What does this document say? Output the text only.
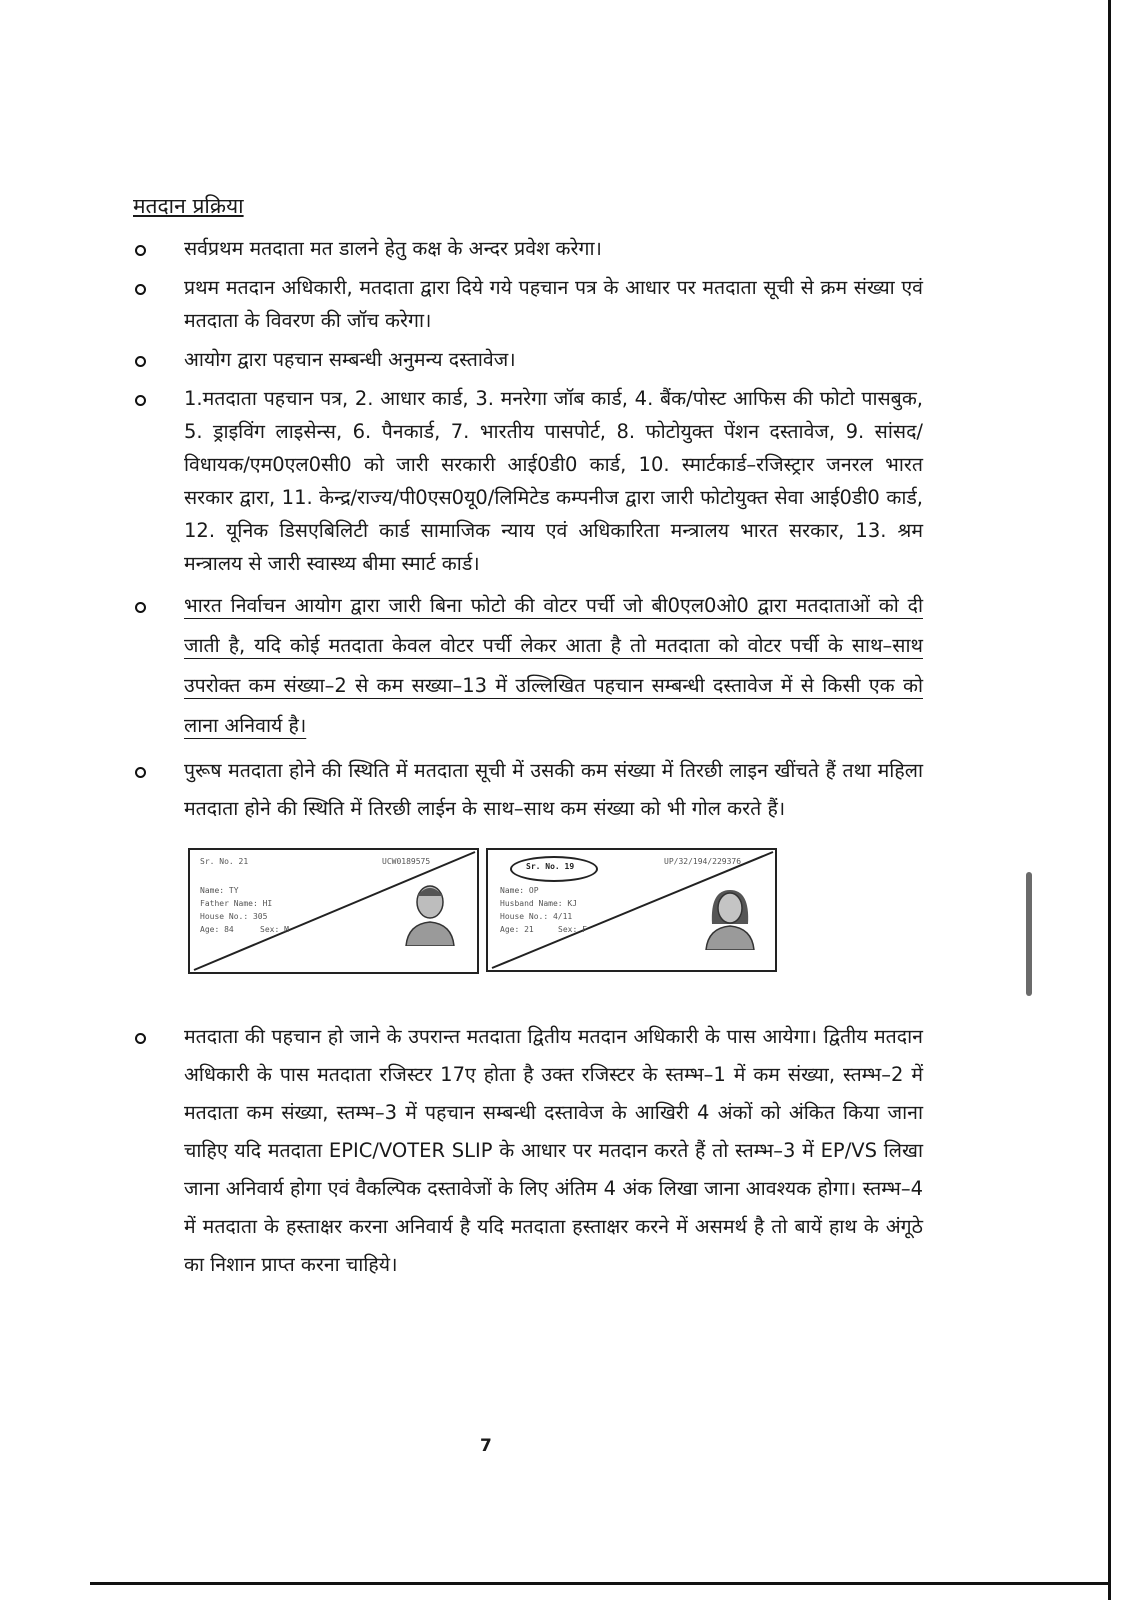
मतदान प्रक्रिया
सर्वप्रथम मतदाता मत डालने हेतु कक्ष के अन्दर प्रवेश करेगा।
प्रथम मतदान अधिकारी, मतदाता द्वारा दिये गये पहचान पत्र के आधार पर मतदाता सूची से क्रम संख्या एवं मतदाता के विवरण की जॉच करेगा।
आयोग द्वारा पहचान सम्बन्धी अनुमन्य दस्तावेज।
1.मतदाता पहचान पत्र, 2. आधार कार्ड, 3. मनरेगा जॉब कार्ड, 4. बैंक/पोस्ट आफिस की फोटो पासबुक, 5. ड्राइविंग लाइसेन्स, 6. पैनकार्ड, 7. भारतीय पासपोर्ट, 8. फोटोयुक्त पेंशन दस्तावेज, 9. सांसद/विधायक/एम0एल0सी0 को जारी सरकारी आई0डी0 कार्ड, 10. स्मार्टकार्ड–रजिस्ट्रार जनरल भारत सरकार द्वारा, 11. केन्द्र/राज्य/पी0एस0यू0/लिमिटेड कम्पनीज द्वारा जारी फोटोयुक्त सेवा आई0डी0 कार्ड, 12. यूनिक डिसएबिलिटी कार्ड सामाजिक न्याय एवं अधिकारिता मन्त्रालय भारत सरकार, 13. श्रम मन्त्रालय से जारी स्वास्थ्य बीमा स्मार्ट कार्ड।
भारत निर्वाचन आयोग द्वारा जारी बिना फोटो की वोटर पर्ची जो बी0एल0ओ0 द्वारा मतदाताओं को दी जाती है, यदि कोई मतदाता केवल वोटर पर्ची लेकर आता है तो मतदाता को वोटर पर्ची के साथ–साथ उपरोक्त कम संख्या–2 से कम सख्या–13 में उल्लिखित पहचान सम्बन्धी दस्तावेज में से किसी एक को लाना अनिवार्य है।
पुरूष मतदाता होने की स्थिति में मतदाता सूची में उसकी कम संख्या में तिरछी लाइन खींचते हैं तथा महिला मतदाता होने की स्थिति में तिरछी लाईन के साथ–साथ कम संख्या को भी गोल करते हैं।
Sr. No. 21	UCW0189575
Name: TY
Father Name: HI
House No.: 305
Age: 84	Sex: M
Sr. No. 19
UP/32/194/229376
Name: OP
Husband Name: KJ
House No.: 4/11
Age: 21	Sex: F
मतदाता की पहचान हो जाने के उपरान्त मतदाता द्वितीय मतदान अधिकारी के पास आयेगा। द्वितीय मतदान अधिकारी के पास मतदाता रजिस्टर 17ए होता है उक्त रजिस्टर के स्तम्भ–1 में कम संख्या, स्तम्भ–2 में मतदाता कम संख्या, स्तम्भ–3 में पहचान सम्बन्धी दस्तावेज के आखिरी 4 अंकों को अंकित किया जाना चाहिए यदि मतदाता EPIC/VOTER SLIP के आधार पर मतदान करते हैं तो स्तम्भ–3 में EP/VS लिखा जाना अनिवार्य होगा एवं वैकल्पिक दस्तावेजों के लिए अंतिम 4 अंक लिखा जाना आवश्यक होगा। स्तम्भ–4 में मतदाता के हस्ताक्षर करना अनिवार्य है यदि मतदाता हस्ताक्षर करने में असमर्थ है तो बायें हाथ के अंगूठे का निशान प्राप्त करना चाहिये।
7
